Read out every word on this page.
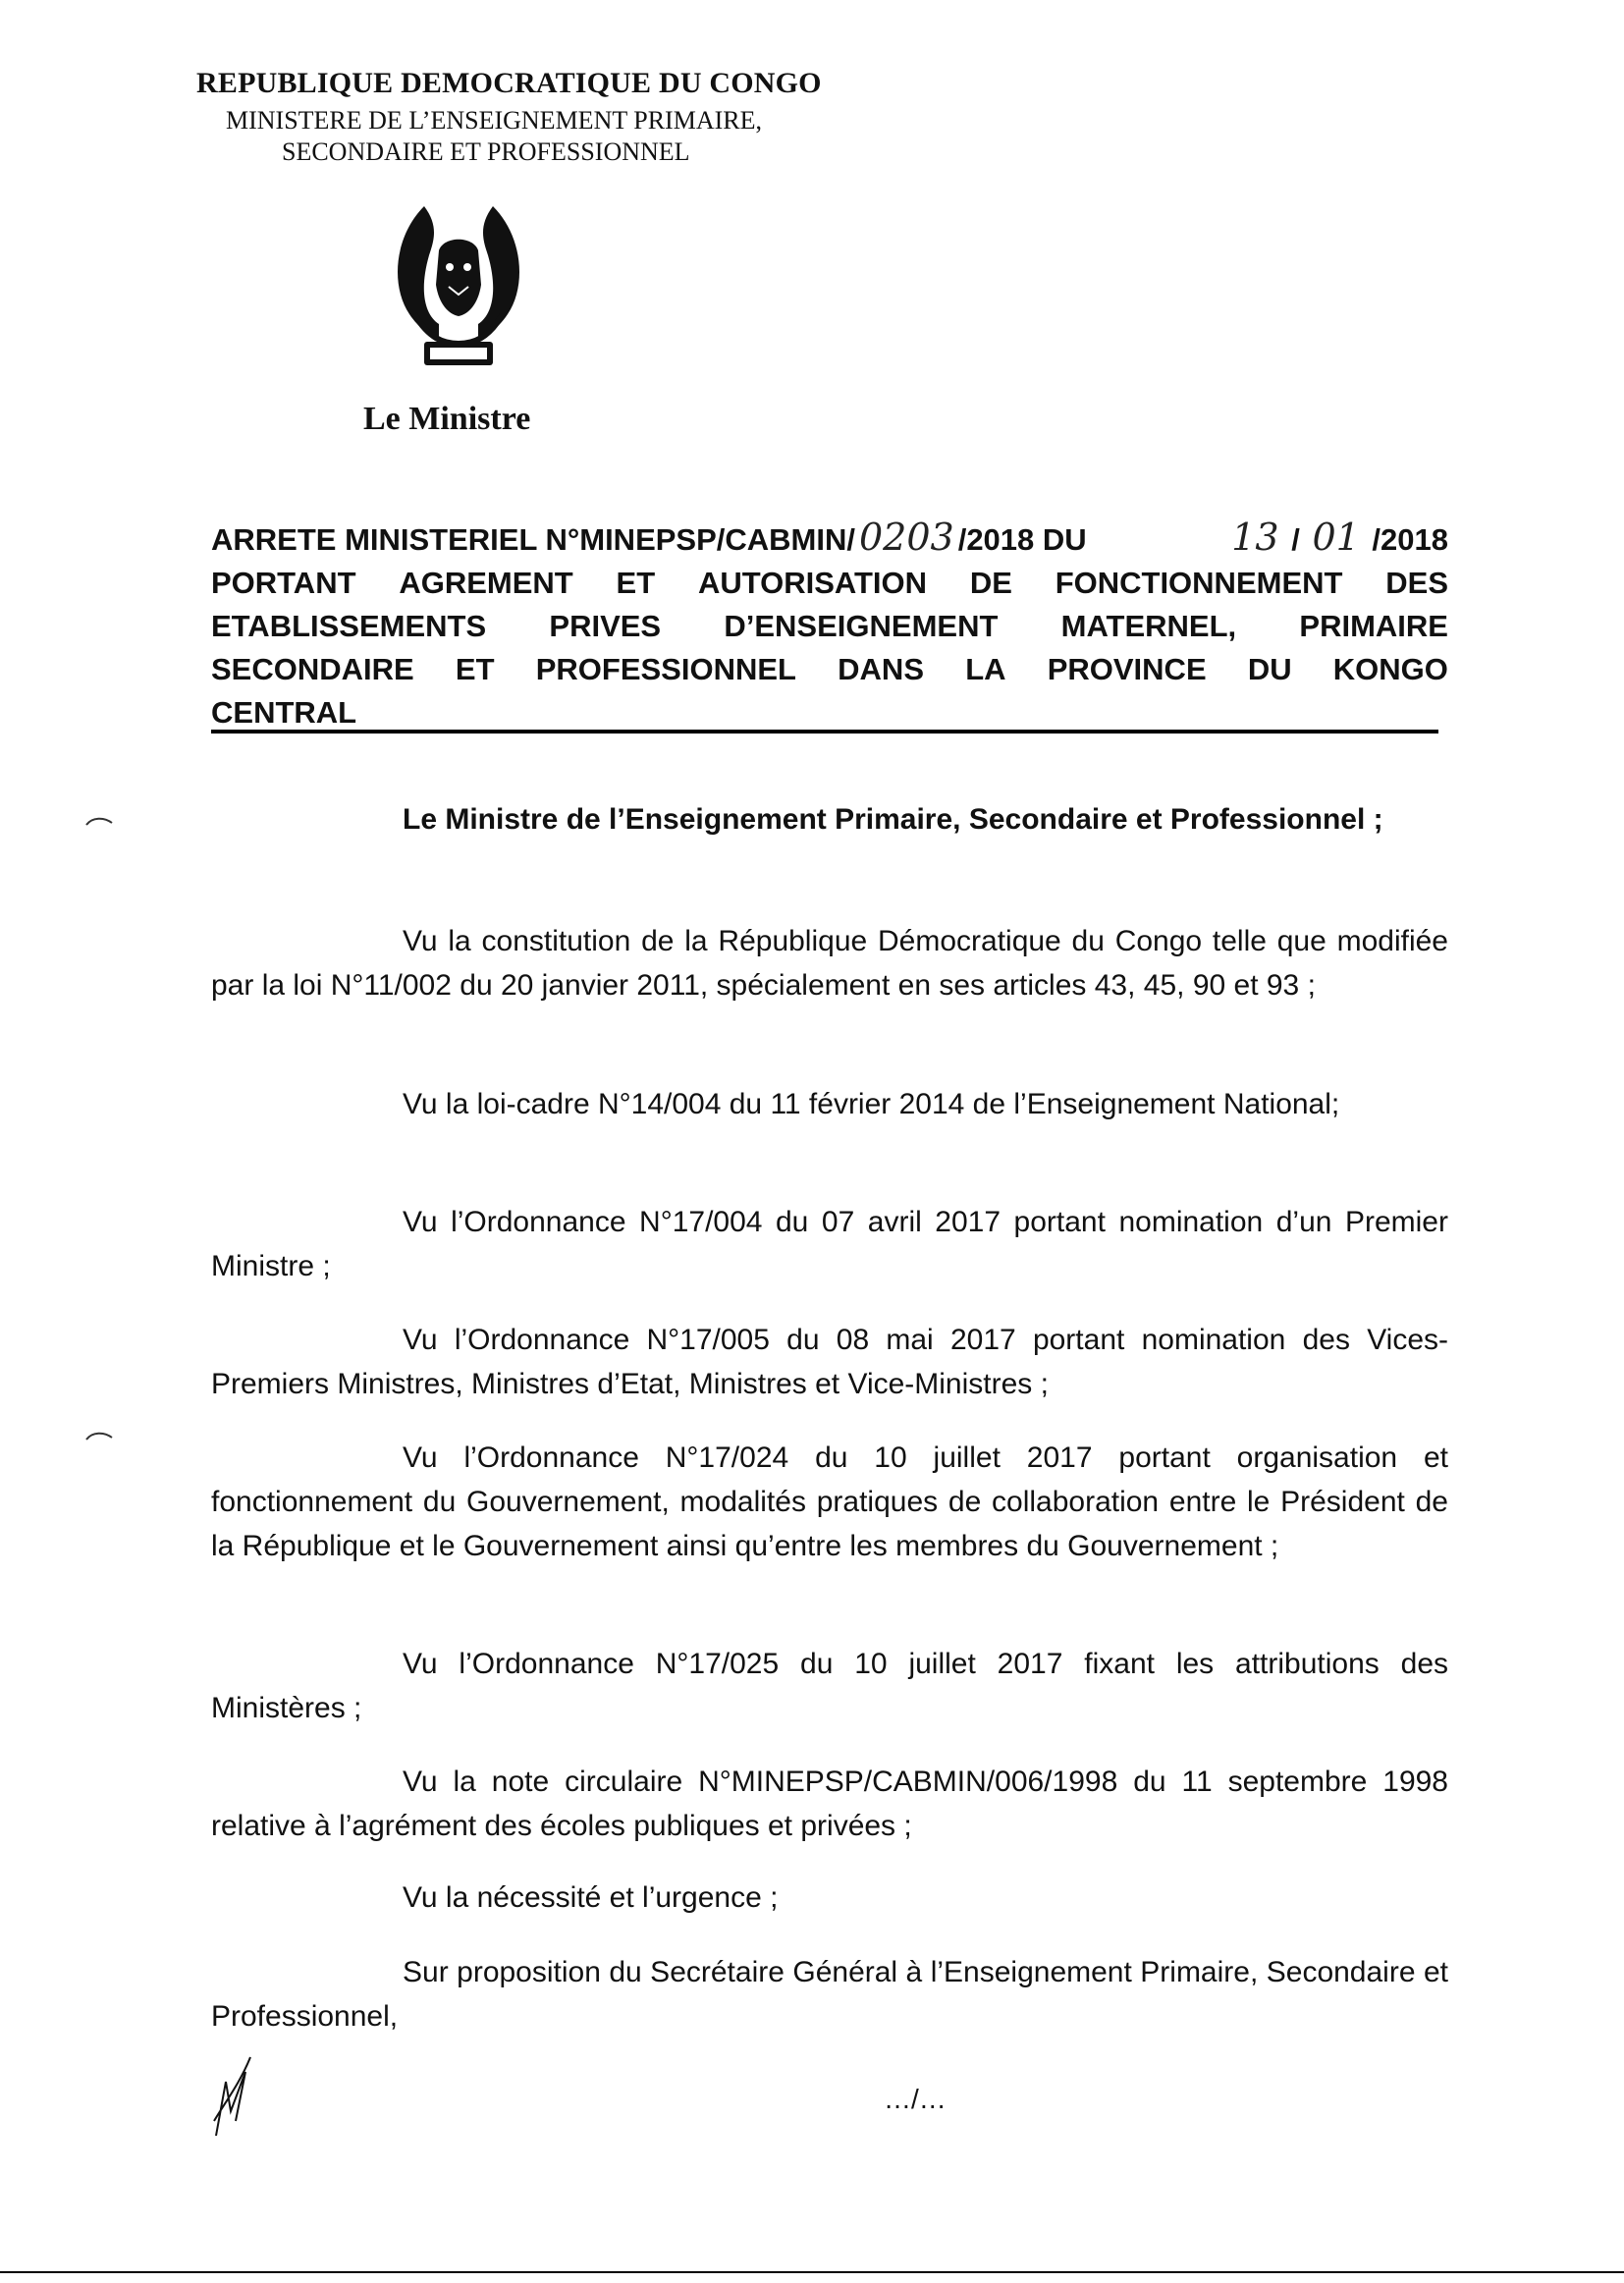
REPUBLIQUE DEMOCRATIQUE DU CONGO
MINISTERE DE L’ENSEIGNEMENT PRIMAIRE,
SECONDAIRE ET PROFESSIONNEL
Le Ministre
ARRETE MINISTERIEL N°MINEPSP/CABMIN/ 0203 /2018 DU	13 / 01 /2018
PORTANT AGREMENT ET AUTORISATION DE FONCTIONNEMENT DES
ETABLISSEMENTS PRIVES D’ENSEIGNEMENT MATERNEL, PRIMAIRE
SECONDAIRE ET PROFESSIONNEL DANS LA PROVINCE DU KONGO
CENTRAL

Le Ministre de l’Enseignement Primaire, Secondaire et Professionnel ;

Vu la constitution de la République Démocratique du Congo telle que modifiée par la loi N°11/002 du 20 janvier 2011, spécialement en ses articles 43, 45, 90 et 93 ;

Vu la loi-cadre N°14/004 du 11 février 2014 de l’Enseignement National;

Vu l’Ordonnance N°17/004 du 07 avril 2017 portant nomination d’un Premier Ministre ;

Vu l’Ordonnance N°17/005 du 08 mai 2017 portant nomination des Vices-Premiers Ministres, Ministres d’Etat, Ministres et Vice-Ministres ;

Vu l’Ordonnance N°17/024 du 10 juillet 2017 portant organisation et fonctionnement du Gouvernement, modalités pratiques de collaboration entre le Président de la République et le Gouvernement ainsi qu’entre les membres du Gouvernement ;

Vu l’Ordonnance N°17/025 du 10 juillet 2017 fixant les attributions des Ministères ;

Vu la note circulaire N°MINEPSP/CABMIN/006/1998 du 11 septembre 1998 relative à l’agrément des écoles publiques et privées ;

Vu la nécessité et l’urgence ;

Sur proposition du Secrétaire Général à l’Enseignement Primaire, Secondaire et Professionnel,

…/…
